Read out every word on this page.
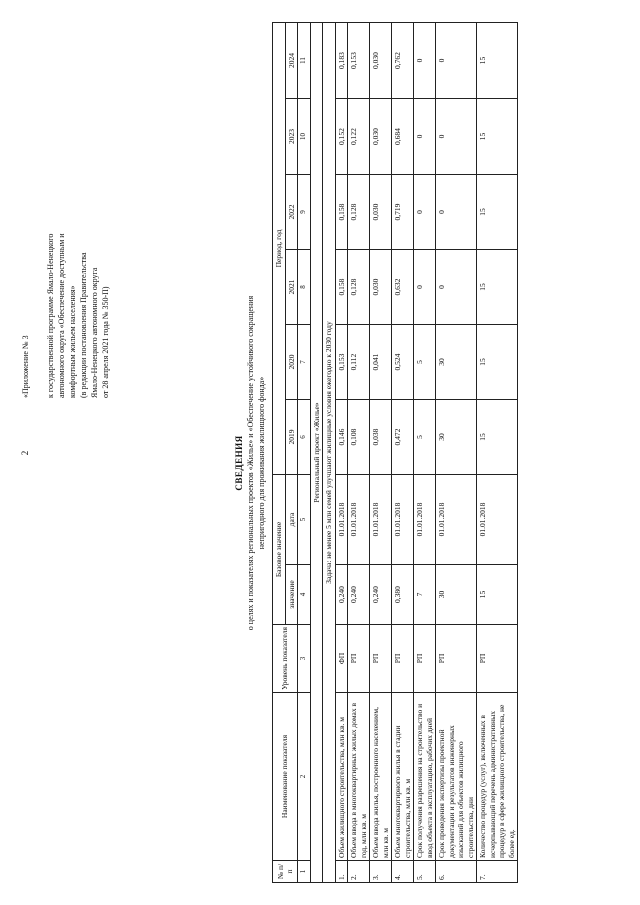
2
«Приложение № 3 к государственной программе Ямало-Ненецкого автономного округа «Обеспечение доступным и комфортным жильем населения» (в редакции постановления Правительства Ямало-Ненецкого автономного округа от 28 апреля 2021 года № 350-П)
СВЕДЕНИЯ о целях и показателях региональных проектов «Жилье» и «Обеспечение устойчивого сокращения непригодного для проживания жилищного фонда»
№ п/п	Наименование показателя	Уровень показателя	Базовое значение		Период, год					
			значение	дата	2019	2020	2021	2022	2023	2024

1	2	3	4	5	6	7	8	9	10	11
Региональный проект «Жилье»										
Задача: не менее 5 млн семей улучшают жилищные условия ежегодно к 2030 году										
1.	Объем жилищного строительства, млн кв. м	ФП	0,240	01.01.2018	0,146	0,153	0,158	0,158	0,152	0,183
2.	Объем ввода в многоквартирных жилых домах в год, млн кв. м	РП	0,240	01.01.2018	0,108	0,112	0,128	0,128	0,122	0,153
3.	Объем ввода жилья, построенного населением, млн кв. м	РП	0,240	01.01.2018	0,038	0,041	0,030	0,030	0,030	0,030
4.	Объем многоквартирного жилья в стадии строительства, млн кв. м	РП	0,380	01.01.2018	0,472	0,524	0,632	0,719	0,684	0,762
5.	Срок получения разрешения на строительство и ввод объекта в эксплуатацию, рабочих дней	РП	7	01.01.2018	5	5	0	0	0	0
6.	Срок проведения экспертизы проектной документации и результатов инженерных изысканий для объектов жилищного строительства, дни	РП	30	01.01.2018	30	30	0	0	0	0
7.	Количество процедур (услуг), включенных в исчерпывающий перечень административных процедур в сфере жилищного строительства, не более ед.	РП	15	01.01.2018	15	15	15	15	15	15
